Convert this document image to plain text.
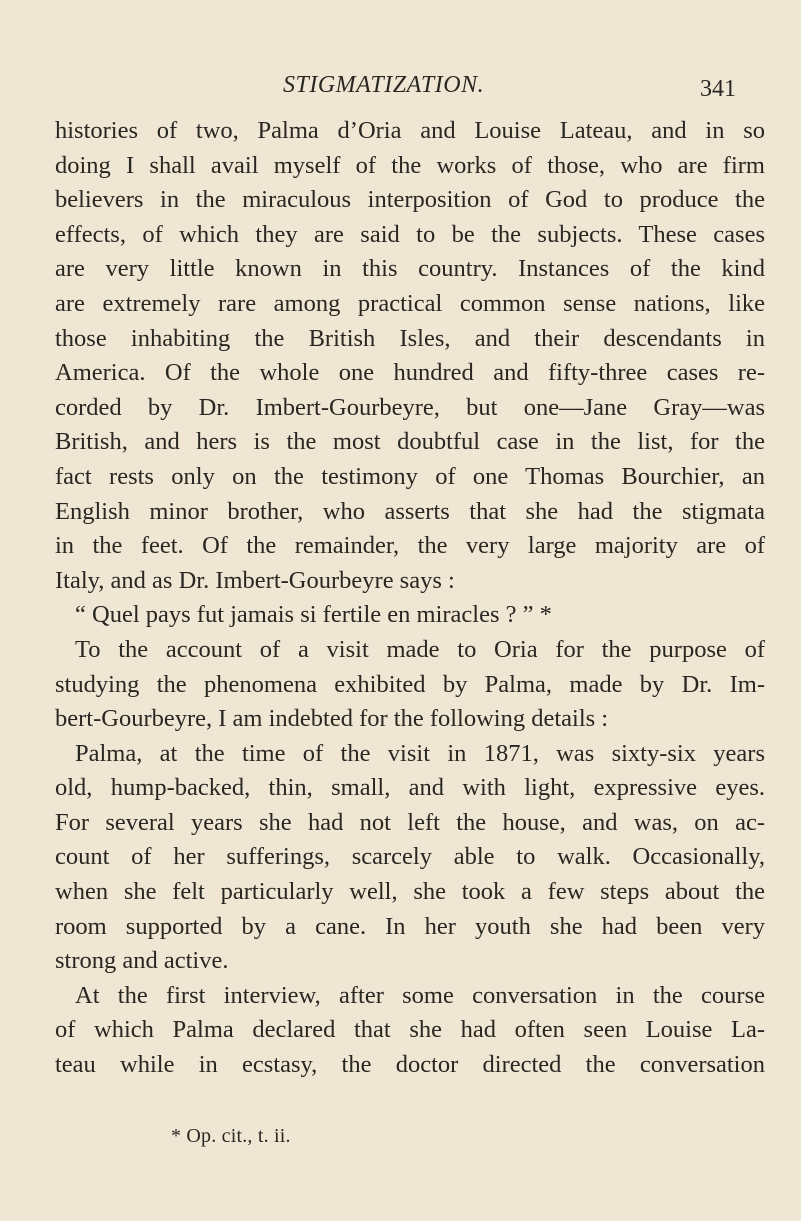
STIGMATIZATION.	341
histories of two, Palma d’Oria and Louise Lateau, and in so
doing I shall avail myself of the works of those, who are firm
believers in the miraculous interposition of God to produce the
effects, of which they are said to be the subjects. These cases
are very little known in this country. Instances of the kind
are extremely rare among practical common sense nations, like
those inhabiting the British Isles, and their descendants in
America. Of the whole one hundred and fifty-three cases re-
corded by Dr. Imbert-Gourbeyre, but one—Jane Gray—was
British, and hers is the most doubtful case in the list, for the
fact rests only on the testimony of one Thomas Bourchier, an
English minor brother, who asserts that she had the stigmata
in the feet. Of the remainder, the very large majority are of
Italy, and as Dr. Imbert-Gourbeyre says :
“ Quel pays fut jamais si fertile en miracles ? ” *
To the account of a visit made to Oria for the purpose of
studying the phenomena exhibited by Palma, made by Dr. Im-
bert-Gourbeyre, I am indebted for the following details :
Palma, at the time of the visit in 1871, was sixty-six years
old, hump-backed, thin, small, and with light, expressive eyes.
For several years she had not left the house, and was, on ac-
count of her sufferings, scarcely able to walk. Occasionally,
when she felt particularly well, she took a few steps about the
room supported by a cane. In her youth she had been very
strong and active.
At the first interview, after some conversation in the course
of which Palma declared that she had often seen Louise La-
teau while in ecstasy, the doctor directed the conversation
* Op. cit., t. ii.
